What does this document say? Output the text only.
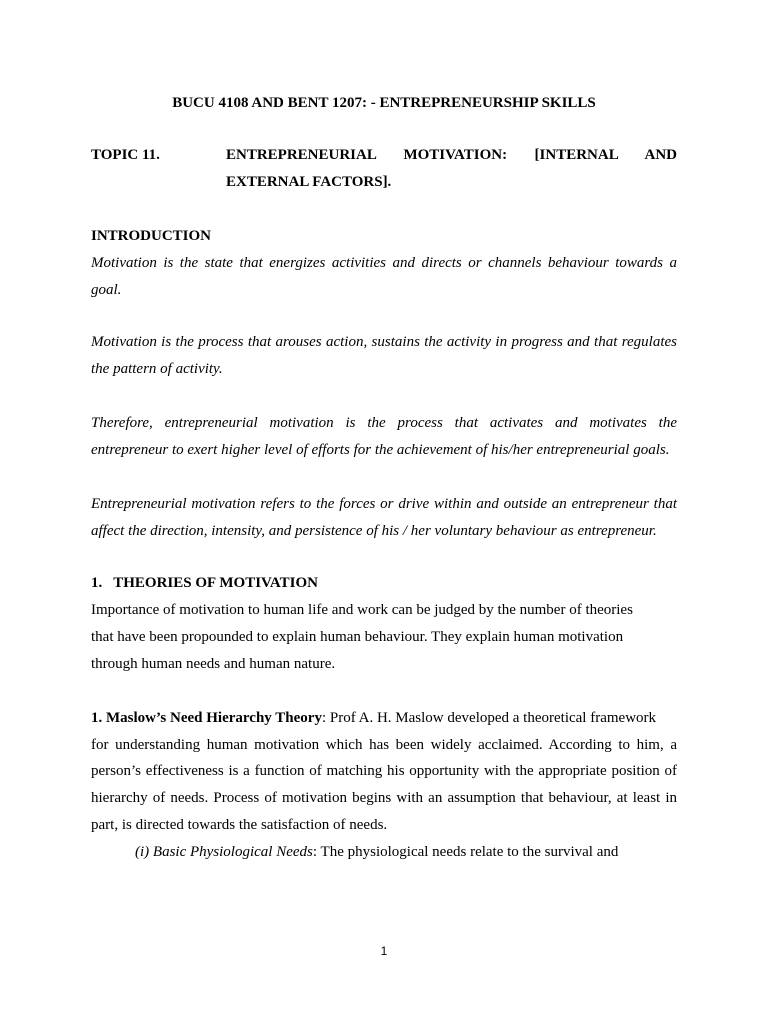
BUCU 4108 AND BENT 1207: - ENTREPRENEURSHIP SKILLS
TOPIC 11.	ENTREPRENEURIAL MOTIVATION: [INTERNAL AND
EXTERNAL FACTORS].
INTRODUCTION
Motivation is the state that energizes activities and directs or channels behaviour towards a
goal.
Motivation is the process that arouses action, sustains the activity in progress and that regulates
the pattern of activity.
Therefore, entrepreneurial motivation is the process that activates and motivates the
entrepreneur to exert higher level of efforts for the achievement of his/her entrepreneurial goals.
Entrepreneurial motivation refers to the forces or drive within and outside an entrepreneur that
affect the direction, intensity, and persistence of his / her voluntary behaviour as entrepreneur.
1.   THEORIES OF MOTIVATION
Importance of motivation to human life and work can be judged by the number of theories
that have been propounded to explain human behaviour. They explain human motivation
through human needs and human nature.
1. Maslow’s Need Hierarchy Theory: Prof A. H. Maslow developed a theoretical framework
for understanding human motivation which has been widely acclaimed. According to him, a
person’s effectiveness is a function of matching his opportunity with the appropriate position of
hierarchy of needs. Process of motivation begins with an assumption that behaviour, at least in
part, is directed towards the satisfaction of needs.
(i) Basic Physiological Needs: The physiological needs relate to the survival and
1
